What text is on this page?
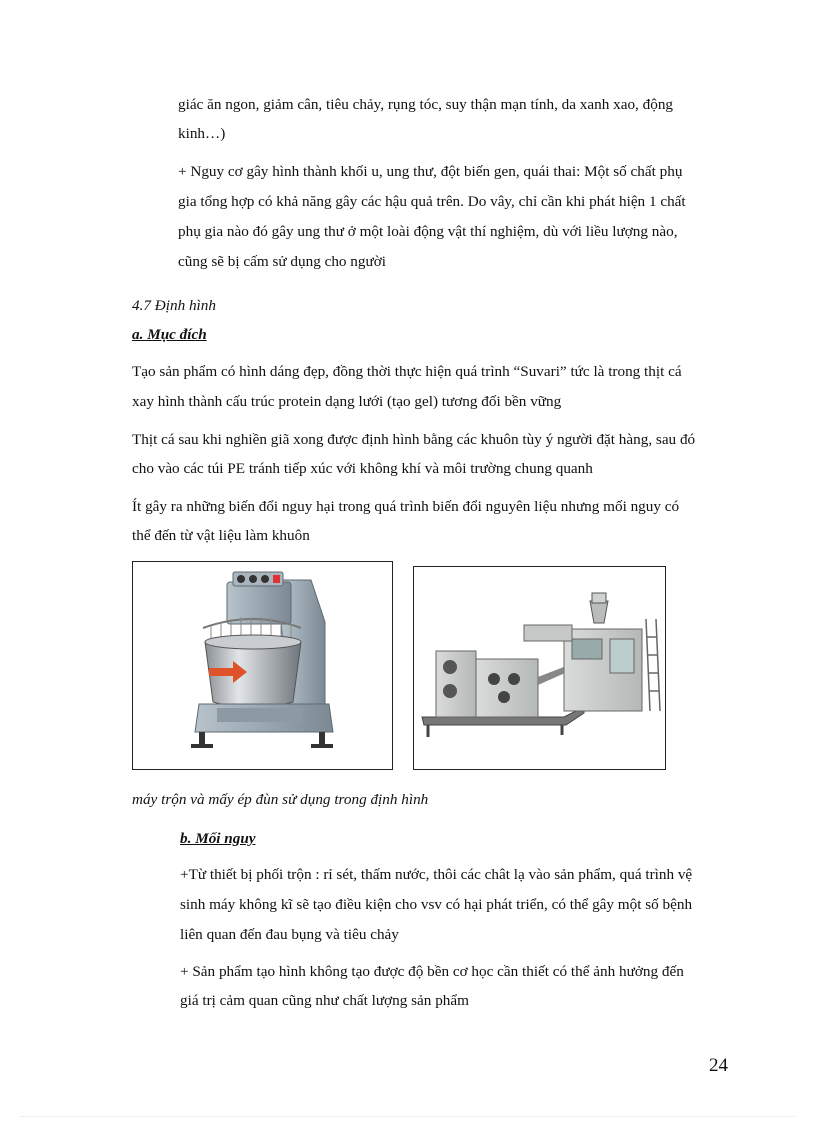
giác ăn ngon, giảm cân, tiêu chảy, rụng tóc, suy thận mạn tính, da xanh xao, động
kinh…)
+ Nguy cơ gây hình thành khối u, ung thư, đột biến gen, quái thai: Một số chất phụ
gia tổng hợp có khả năng gây các hậu quả trên. Do vây, chỉ cần khi phát hiện 1 chất
phụ gia nào đó gây ung thư ở một loài động vật thí nghiệm, dù với liều lượng nào,
cũng sẽ bị cấm sử dụng cho người
4.7 Định hình
a. Mục đích
Tạo sản phẩm có hình dáng đẹp, đồng thời thực hiện quá trình “Suvari” tức là trong thịt cá
xay hình thành cấu trúc protein dạng lưới (tạo gel) tương đối bền vững
Thịt cá sau khi nghiền giã xong được định hình bằng các khuôn tùy ý người đặt hàng, sau đó
cho vào các túi PE tránh tiếp xúc với không khí và môi trường chung quanh
Ít gây ra những biến đổi nguy hại trong quá trình biến đổi nguyên liệu nhưng mối nguy có
thể đến từ vật liệu làm khuôn
máy trộn và mấy ép đùn sử dụng trong định hình
b. Mối nguy
+Từ thiết bị phối trộn : rỉ sét, thấm nước, thôi các chât lạ vào sản phẩm, quá trình vệ
sinh máy không kĩ sẽ tạo điều kiện cho vsv có hại phát triển, có thể gây một số bệnh
liên quan đến đau bụng và tiêu chảy
+ Sản phẩm tạo hình không tạo được độ bền cơ học cần thiết có thể ảnh hưởng đến
giá trị cảm quan cũng như chất lượng sản phẩm
24
